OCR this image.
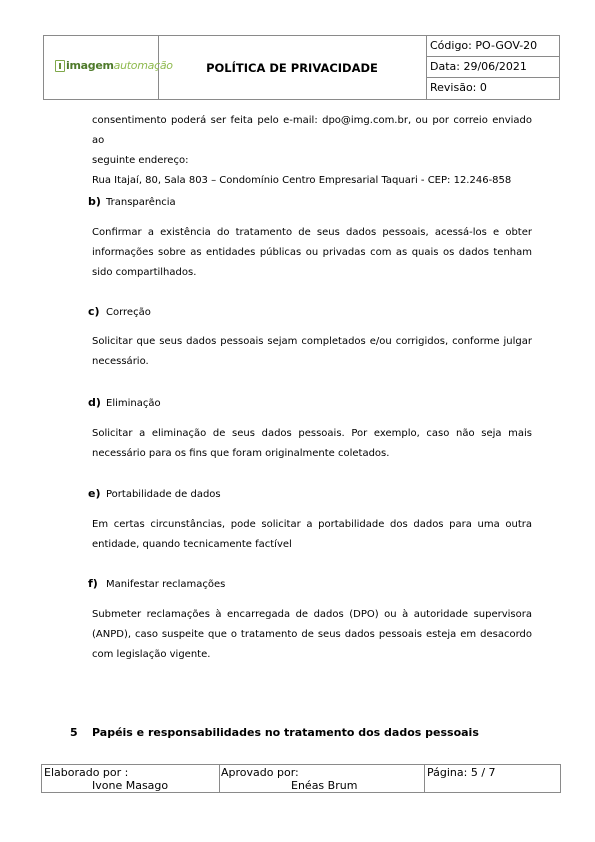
imagemautomação	POLÍTICA DE PRIVACIDADE
Código: PO-GOV-20
Data: 29/06/2021
Revisão: 0
consentimento poderá ser feita pelo e-mail: dpo@img.com.br, ou por correio enviado ao
seguinte endereço:
Rua Itajaí, 80, Sala 803 – Condomínio Centro Empresarial Taquari - CEP: 12.246-858
b) Transparência
Confirmar a existência do tratamento de seus dados pessoais, acessá-los e obter informações sobre as entidades públicas ou privadas com as quais os dados tenham sido compartilhados.
c) Correção
Solicitar que seus dados pessoais sejam completados e/ou corrigidos, conforme julgar necessário.
d) Eliminação
Solicitar a eliminação de seus dados pessoais. Por exemplo, caso não seja mais necessário para os fins que foram originalmente coletados.
e) Portabilidade de dados
Em certas circunstâncias, pode solicitar a portabilidade dos dados para uma outra entidade, quando tecnicamente factível
f) Manifestar reclamações
Submeter reclamações à encarregada de dados (DPO) ou à autoridade supervisora (ANPD), caso suspeite que o tratamento de seus dados pessoais esteja em desacordo com legislação vigente.
5	Papéis e responsabilidades no tratamento dos dados pessoais
Elaborado por :
Ivone Masago
Aprovado por:
Enéas Brum
Página: 5 / 7
